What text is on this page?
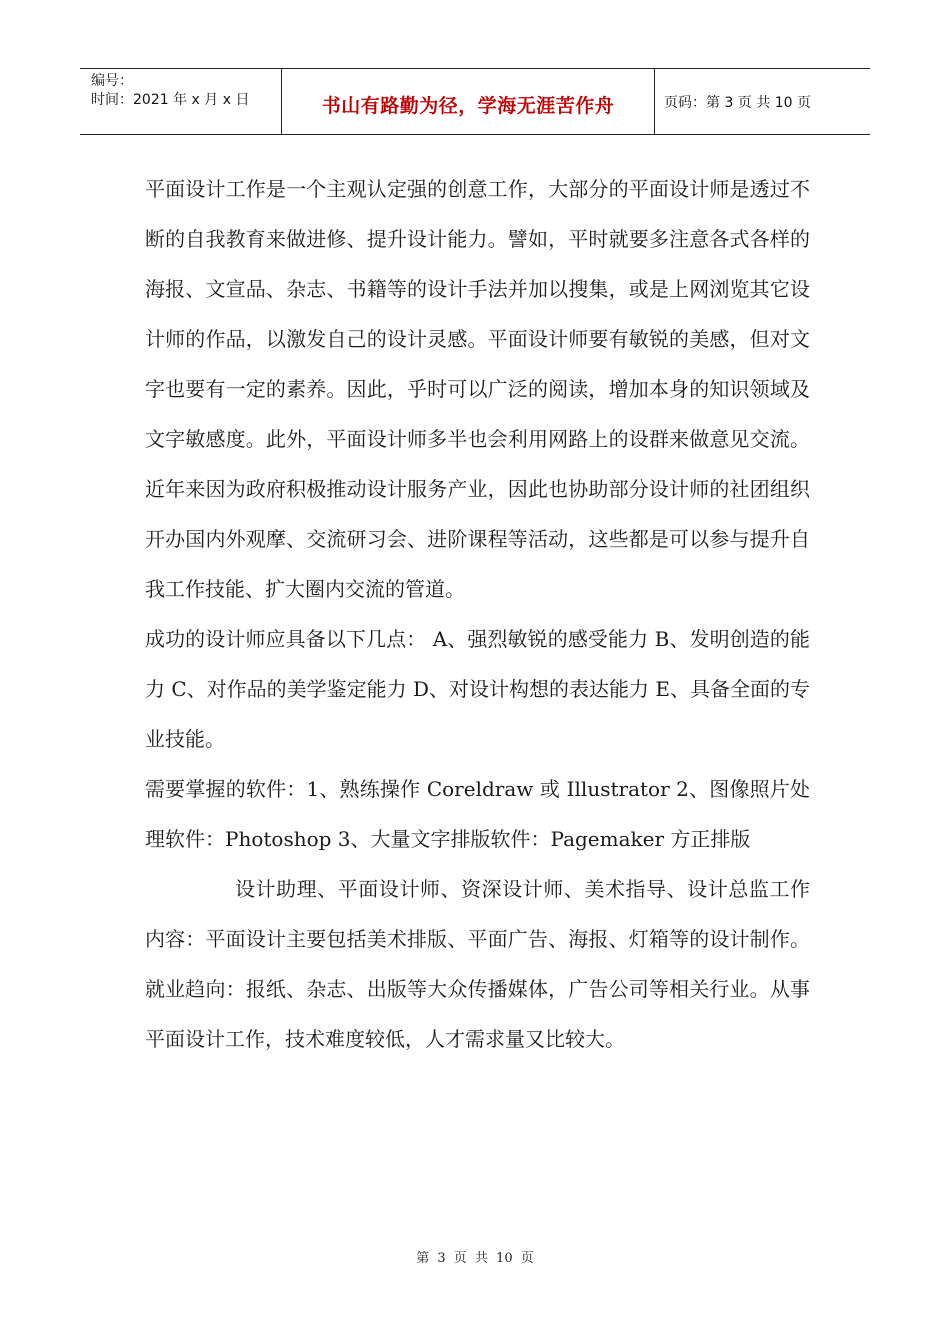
编号：
时间：2021 年 x 月 x 日	书山有路勤为径，学海无涯苦作舟	页码：第 3 页 共 10 页

平面设计工作是一个主观认定强的创意工作，大部分的平面设计师是透过不断的自我教育来做进修、提升设计能力。譬如，平时就要多注意各式各样的海报、文宣品、杂志、书籍等的设计手法并加以搜集，或是上网浏览其它设计师的作品，以激发自己的设计灵感。平面设计师要有敏锐的美感，但对文字也要有一定的素养。因此，乎时可以广泛的阅读，增加本身的知识领域及文字敏感度。此外，平面设计师多半也会利用网路上的设群来做意见交流。近年来因为政府积极推动设计服务产业，因此也协助部分设计师的社团组织开办国内外观摩、交流研习会、进阶课程等活动，这些都是可以参与提升自我工作技能、扩大圈内交流的管道。

成功的设计师应具备以下几点： A、强烈敏锐的感受能力 B、发明创造的能力 C、对作品的美学鉴定能力 D、对设计构想的表达能力 E、具备全面的专业技能。

需要掌握的软件：1、熟练操作 Coreldraw 或 Illustrator 2、图像照片处理软件：Photoshop 3、大量文字排版软件：Pagemaker 方正排版

设计助理、平面设计师、资深设计师、美术指导、设计总监工作内容：平面设计主要包括美术排版、平面广告、海报、灯箱等的设计制作。就业趋向：报纸、杂志、出版等大众传播媒体，广告公司等相关行业。从事平面设计工作，技术难度较低，人才需求量又比较大。

第 3 页 共 10 页
